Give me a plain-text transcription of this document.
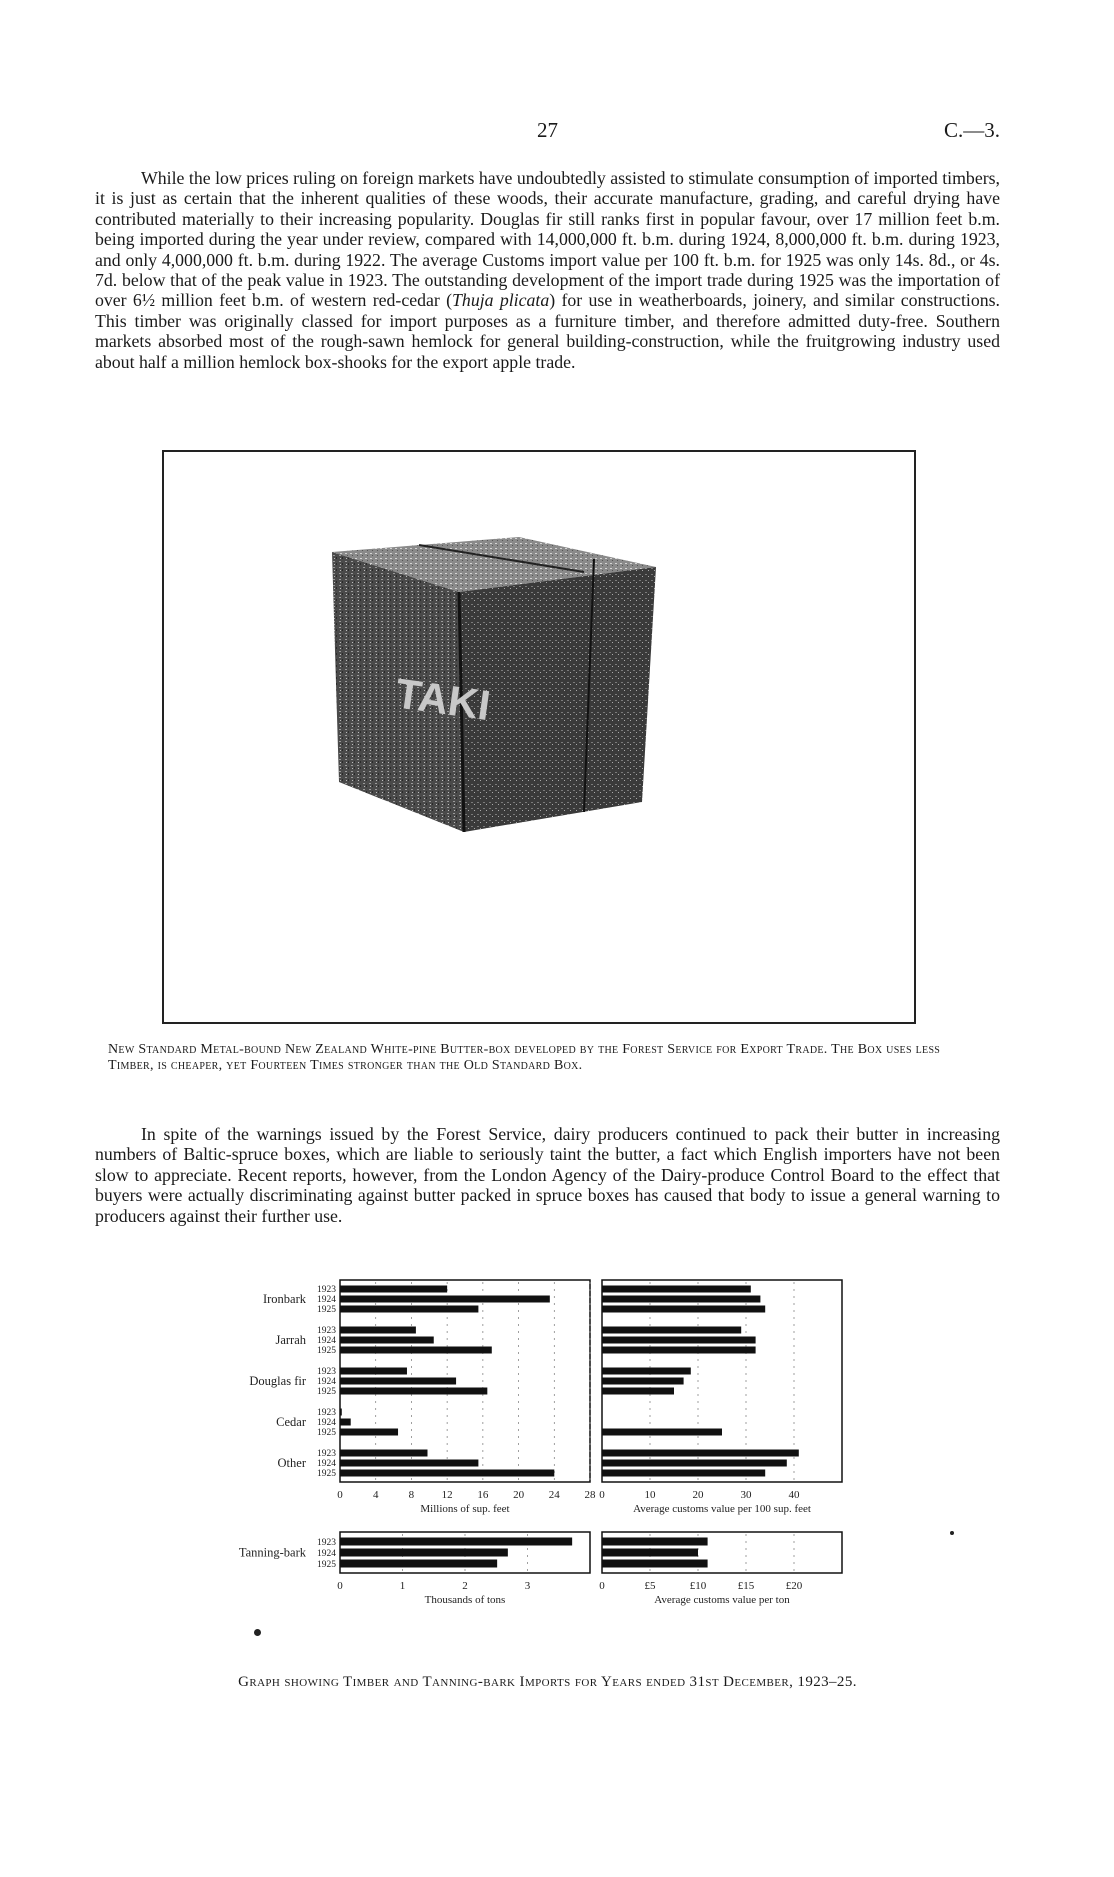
27	C.—3.

While the low prices ruling on foreign markets have undoubtedly assisted to stimulate consumption of imported timbers, it is just as certain that the inherent qualities of these woods, their accurate manufacture, grading, and careful drying have contributed materially to their increasing popularity. Douglas fir still ranks first in popular favour, over 17 million feet b.m. being imported during the year under review, compared with 14,000,000 ft. b.m. during 1924, 8,000,000 ft. b.m. during 1923, and only 4,000,000 ft. b.m. during 1922. The average Customs import value per 100 ft. b.m. for 1925 was only 14s. 8d., or 4s. 7d. below that of the peak value in 1923. The outstanding development of the import trade during 1925 was the importation of over 6½ million feet b.m. of western red-cedar (Thuja plicata) for use in weatherboards, joinery, and similar constructions. This timber was originally classed for import purposes as a furniture timber, and therefore admitted duty-free. Southern markets absorbed most of the rough-sawn hemlock for general building-construction, while the fruitgrowing industry used about half a million hemlock box-shooks for the export apple trade.

TAKI

New Standard Metal-bound New Zealand White-pine Butter-box developed by the Forest Service for Export Trade. The Box uses less Timber, is cheaper, yet Fourteen Times stronger than the Old Standard Box.

In spite of the warnings issued by the Forest Service, dairy producers continued to pack their butter in increasing numbers of Baltic-spruce boxes, which are liable to seriously taint the butter, a fact which English importers have not been slow to appreciate. Recent reports, however, from the London Agency of the Dairy-produce Control Board to the effect that buyers were actually discriminating against butter packed in spruce boxes has caused that body to issue a general warning to producers against their further use.

0	4	8 12 16 20 24 28
Millions of sup. feet
Ironbark
1923
1924
1925
Jarrah
1923
1924
1925
Douglas fir
1923
1924
1925
Cedar
1923
1924
1925
Other
1923
1924
1925
0	10	20	30	40
Average customs value per 100 sup. feet
0	1	2	3
Thousands of tons
Tanning-bark
1923
1924
1925
0	£5	£10	£15	£20
Average customs value per ton

Graph showing Timber and Tanning-bark Imports for Years ended 31st December, 1923–25.
